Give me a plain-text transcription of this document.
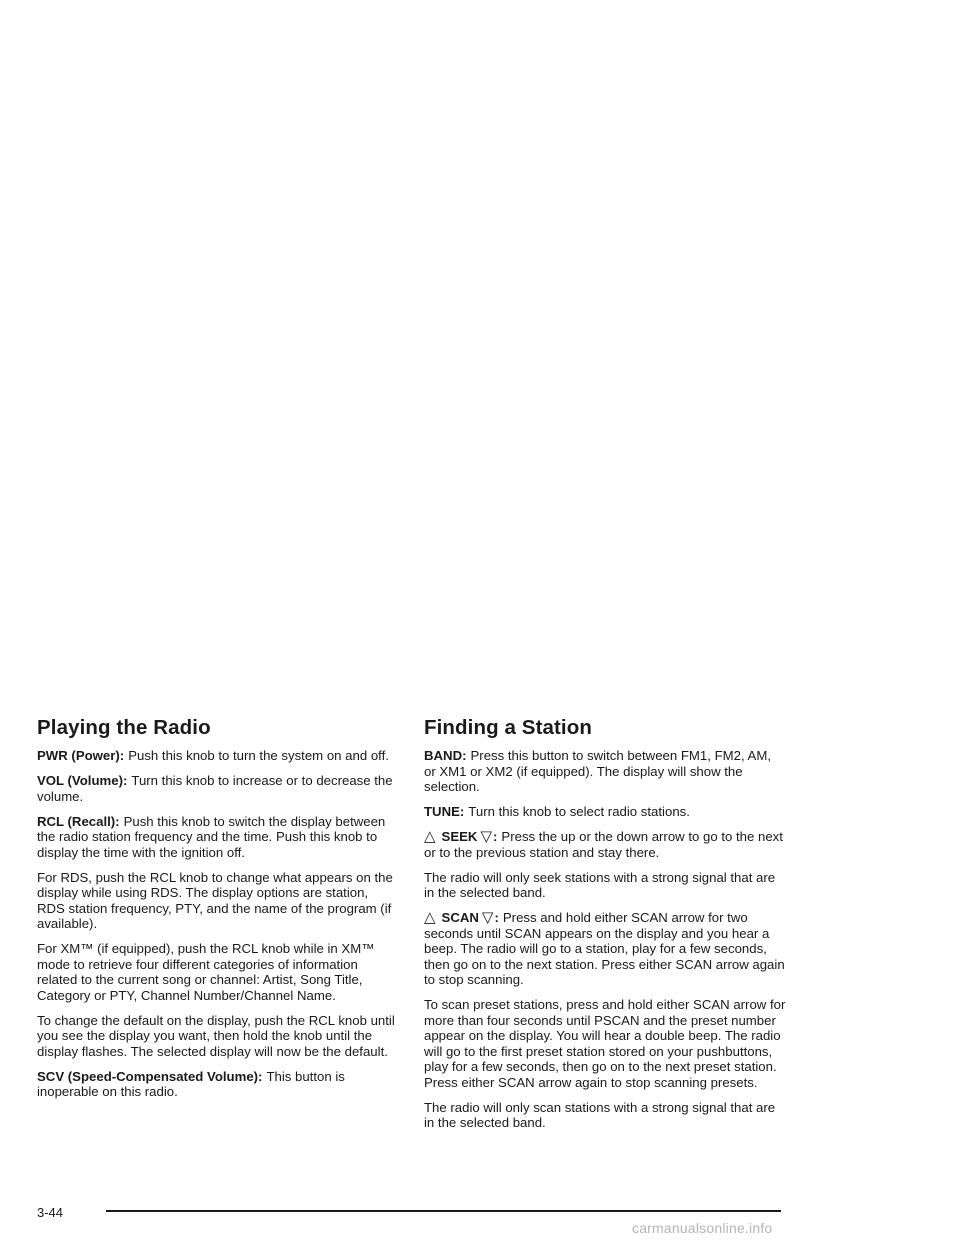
Playing the Radio

PWR (Power): Push this knob to turn the system on and off.

VOL (Volume): Turn this knob to increase or to decrease the volume.

RCL (Recall): Push this knob to switch the display between the radio station frequency and the time. Push this knob to display the time with the ignition off.

For RDS, push the RCL knob to change what appears on the display while using RDS. The display options are station, RDS station frequency, PTY, and the name of the program (if available).

For XM™ (if equipped), push the RCL knob while in XM™ mode to retrieve four different categories of information related to the current song or channel: Artist, Song Title, Category or PTY, Channel Number/Channel Name.

To change the default on the display, push the RCL knob until you see the display you want, then hold the knob until the display flashes. The selected display will now be the default.

SCV (Speed-Compensated Volume): This button is inoperable on this radio.

Finding a Station

BAND: Press this button to switch between FM1, FM2, AM, or XM1 or XM2 (if equipped). The display will show the selection.

TUNE: Turn this knob to select radio stations.

△ SEEK ▽: Press the up or the down arrow to go to the next or to the previous station and stay there.

The radio will only seek stations with a strong signal that are in the selected band.

△ SCAN ▽: Press and hold either SCAN arrow for two seconds until SCAN appears on the display and you hear a beep. The radio will go to a station, play for a few seconds, then go on to the next station. Press either SCAN arrow again to stop scanning.

To scan preset stations, press and hold either SCAN arrow for more than four seconds until PSCAN and the preset number appear on the display. You will hear a double beep. The radio will go to the first preset station stored on your pushbuttons, play for a few seconds, then go on to the next preset station. Press either SCAN arrow again to stop scanning presets.

The radio will only scan stations with a strong signal that are in the selected band.

3-44
carmanualsonline.info
